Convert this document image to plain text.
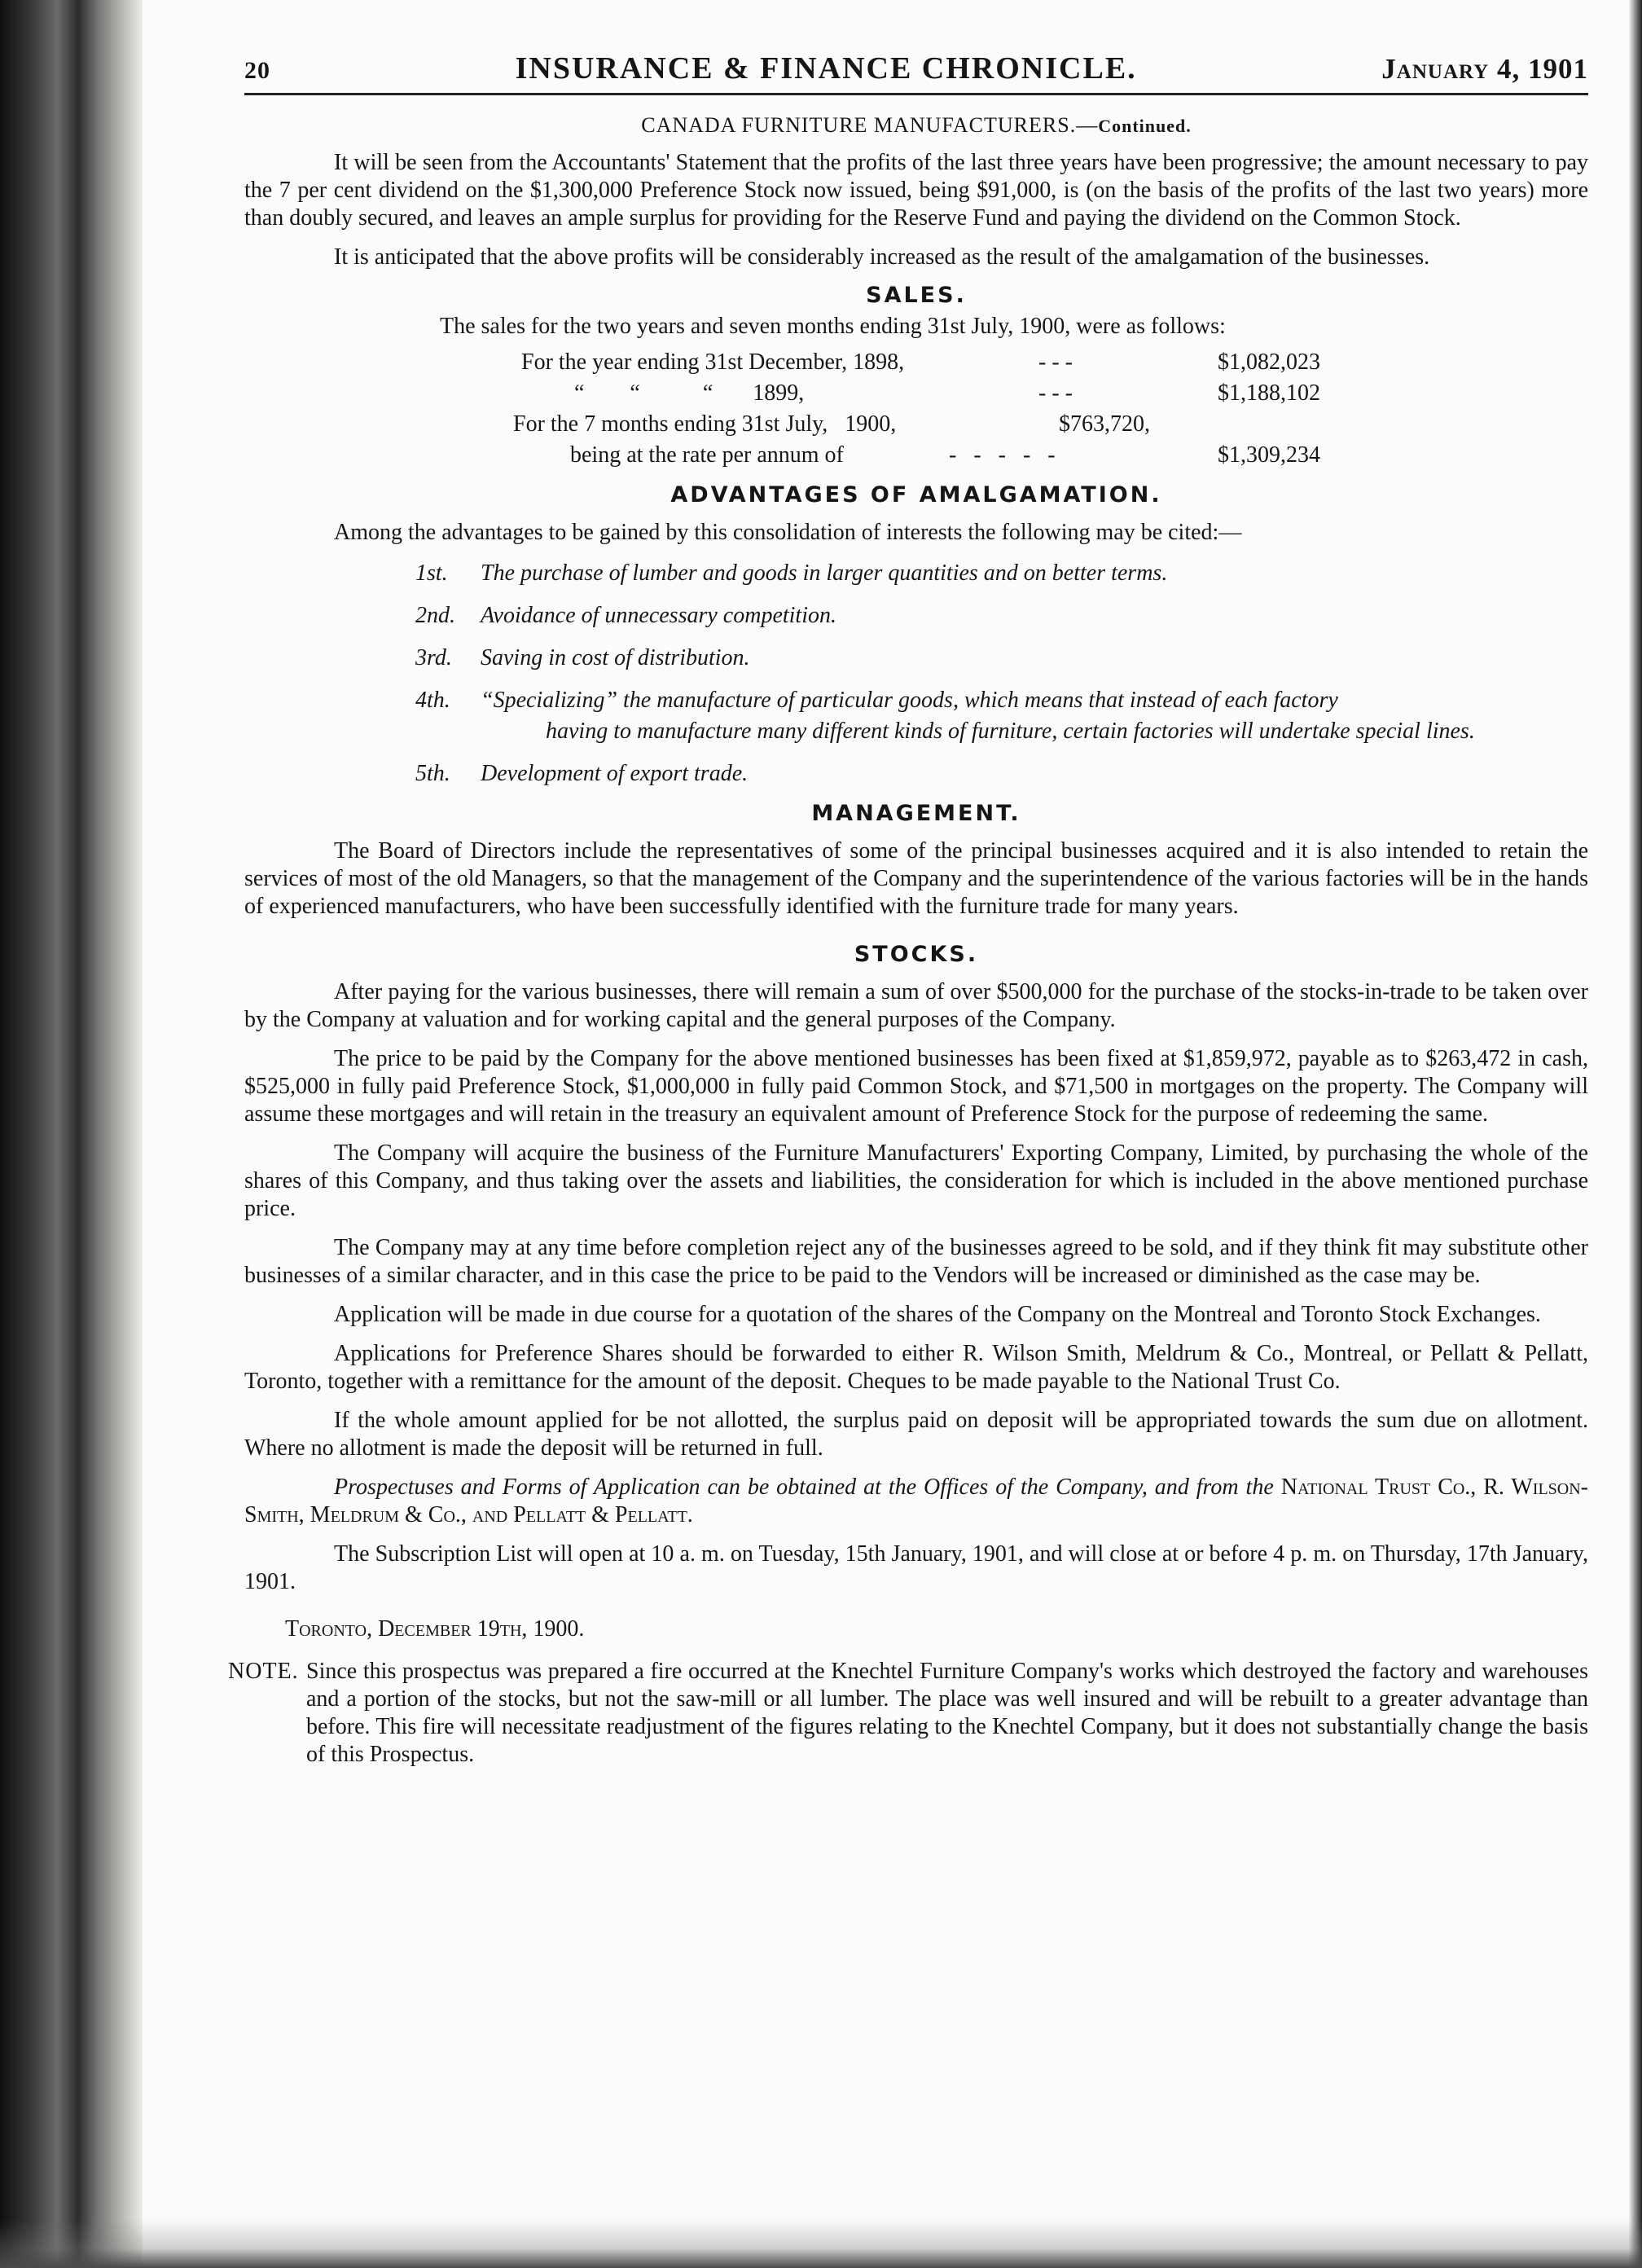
20	INSURANCE & FINANCE CHRONICLE.	January 4, 1901
CANADA FURNITURE MANUFACTURERS.—Continued.

It will be seen from the Accountants' Statement that the profits of the last three years have been progressive; the amount necessary to pay the 7 per cent dividend on the $1,300,000 Preference Stock now issued, being $91,000, is (on the basis of the profits of the last two years) more than doubly secured, and leaves an ample surplus for providing for the Reserve Fund and paying the dividend on the Common Stock.

It is anticipated that the above profits will be considerably increased as the result of the amalgamation of the businesses.

SALES.

The sales for the two years and seven months ending 31st July, 1900, were as follows:

For the year ending 31st December, 1898,	- - -	$1,082,023
“        “           “       1899,	- - -	$1,188,102
For the 7 months ending 31st July,   1900,	$763,720,
being at the rate per annum of	-   -   -   -   -	$1,309,234
ADVANTAGES OF AMALGAMATION.

Among the advantages to be gained by this consolidation of interests the following may be cited:—

1st.	The purchase of lumber and goods in larger quantities and on better terms.
2nd.	Avoidance of unnecessary competition.
3rd.	Saving in cost of distribution.
4th.	“Specializing” the manufacture of particular goods, which means that instead of each factory
having to manufacture many different kinds of furniture, certain factories will undertake special lines.
5th.	Development of export trade.
MANAGEMENT.

The Board of Directors include the representatives of some of the principal businesses acquired and it is also intended to retain the services of most of the old Managers, so that the management of the Company and the superintendence of the various factories will be in the hands of experienced manufacturers, who have been successfully identified with the furniture trade for many years.

STOCKS.

After paying for the various businesses, there will remain a sum of over $500,000 for the purchase of the stocks-in-trade to be taken over by the Company at valuation and for working capital and the general purposes of the Company.

The price to be paid by the Company for the above mentioned businesses has been fixed at $1,859,972, payable as to $263,472 in cash, $525,000 in fully paid Preference Stock, $1,000,000 in fully paid Common Stock, and $71,500 in mortgages on the property. The Company will assume these mortgages and will retain in the treasury an equivalent amount of Preference Stock for the purpose of redeeming the same.

The Company will acquire the business of the Furniture Manufacturers' Exporting Company, Limited, by purchasing the whole of the shares of this Company, and thus taking over the assets and liabilities, the consideration for which is included in the above mentioned purchase price.

The Company may at any time before completion reject any of the businesses agreed to be sold, and if they think fit may substitute other businesses of a similar character, and in this case the price to be paid to the Vendors will be increased or diminished as the case may be.

Application will be made in due course for a quotation of the shares of the Company on the Montreal and Toronto Stock Exchanges.

Applications for Preference Shares should be forwarded to either R. Wilson Smith, Meldrum & Co., Montreal, or Pellatt & Pellatt, Toronto, together with a remittance for the amount of the deposit. Cheques to be made payable to the National Trust Co.

If the whole amount applied for be not allotted, the surplus paid on deposit will be appropriated towards the sum due on allotment. Where no allotment is made the deposit will be returned in full.

Prospectuses and Forms of Application can be obtained at the Offices of the Company, and from the National Trust Co., R. Wilson-Smith, Meldrum & Co., and Pellatt & Pellatt.

The Subscription List will open at 10 a. m. on Tuesday, 15th January, 1901, and will close at or before 4 p. m. on Thursday, 17th January, 1901.

Toronto, December 19th, 1900.

NOTE. Since this prospectus was prepared a fire occurred at the Knechtel Furniture Company's works which destroyed the factory and warehouses and a portion of the stocks, but not the saw-mill or all lumber. The place was well insured and will be rebuilt to a greater advantage than before. This fire will necessitate readjustment of the figures relating to the Knechtel Company, but it does not substantially change the basis of this Prospectus.
